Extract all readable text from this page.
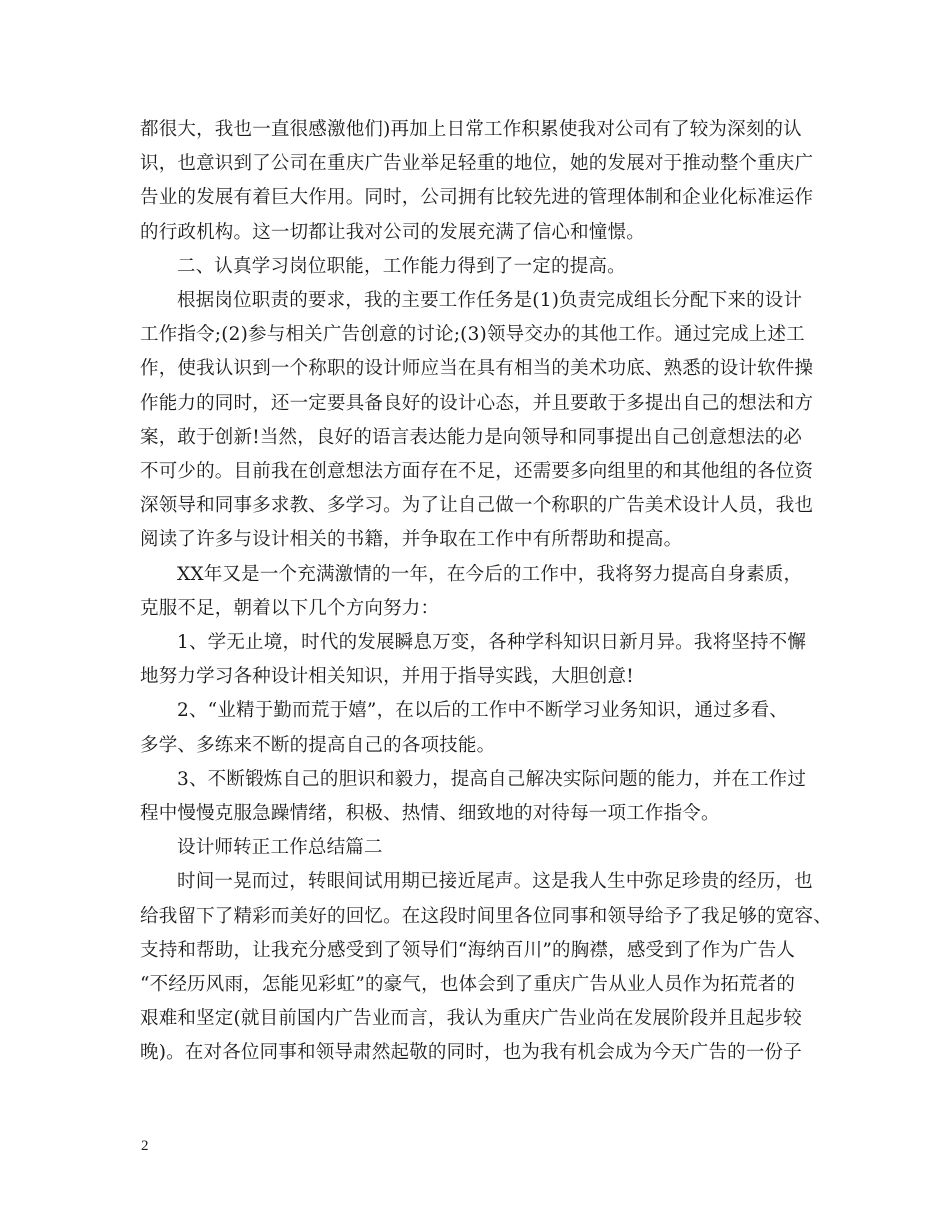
都很大，我也一直很感激他们)再加上日常工作积累使我对公司有了较为深刻的认
识，也意识到了公司在重庆广告业举足轻重的地位，她的发展对于推动整个重庆广
告业的发展有着巨大作用。同时，公司拥有比较先进的管理体制和企业化标准运作
的行政机构。这一切都让我对公司的发展充满了信心和憧憬。

二、认真学习岗位职能，工作能力得到了一定的提高。

根据岗位职责的要求，我的主要工作任务是(1)负责完成组长分配下来的设计
工作指令;(2)参与相关广告创意的讨论;(3)领导交办的其他工作。通过完成上述工
作，使我认识到一个称职的设计师应当在具有相当的美术功底、熟悉的设计软件操
作能力的同时，还一定要具备良好的设计心态，并且要敢于多提出自己的想法和方
案，敢于创新!当然，良好的语言表达能力是向领导和同事提出自己创意想法的必
不可少的。目前我在创意想法方面存在不足，还需要多向组里的和其他组的各位资
深领导和同事多求教、多学习。为了让自己做一个称职的广告美术设计人员，我也
阅读了许多与设计相关的书籍，并争取在工作中有所帮助和提高。

XX年又是一个充满激情的一年，在今后的工作中，我将努力提高自身素质，
克服不足，朝着以下几个方向努力：

1、学无止境，时代的发展瞬息万变，各种学科知识日新月异。我将坚持不懈
地努力学习各种设计相关知识，并用于指导实践，大胆创意!

2、“业精于勤而荒于嬉”，在以后的工作中不断学习业务知识，通过多看、
多学、多练来不断的提高自己的各项技能。

3、不断锻炼自己的胆识和毅力，提高自己解决实际问题的能力，并在工作过
程中慢慢克服急躁情绪，积极、热情、细致地的对待每一项工作指令。

设计师转正工作总结篇二

时间一晃而过，转眼间试用期已接近尾声。这是我人生中弥足珍贵的经历，也
给我留下了精彩而美好的回忆。在这段时间里各位同事和领导给予了我足够的宽容、
支持和帮助，让我充分感受到了领导们“海纳百川”的胸襟，感受到了作为广告人
“不经历风雨，怎能见彩虹”的豪气，也体会到了重庆广告从业人员作为拓荒者的
艰难和坚定(就目前国内广告业而言，我认为重庆广告业尚在发展阶段并且起步较
晚)。在对各位同事和领导肃然起敬的同时，也为我有机会成为今天广告的一份子

2
